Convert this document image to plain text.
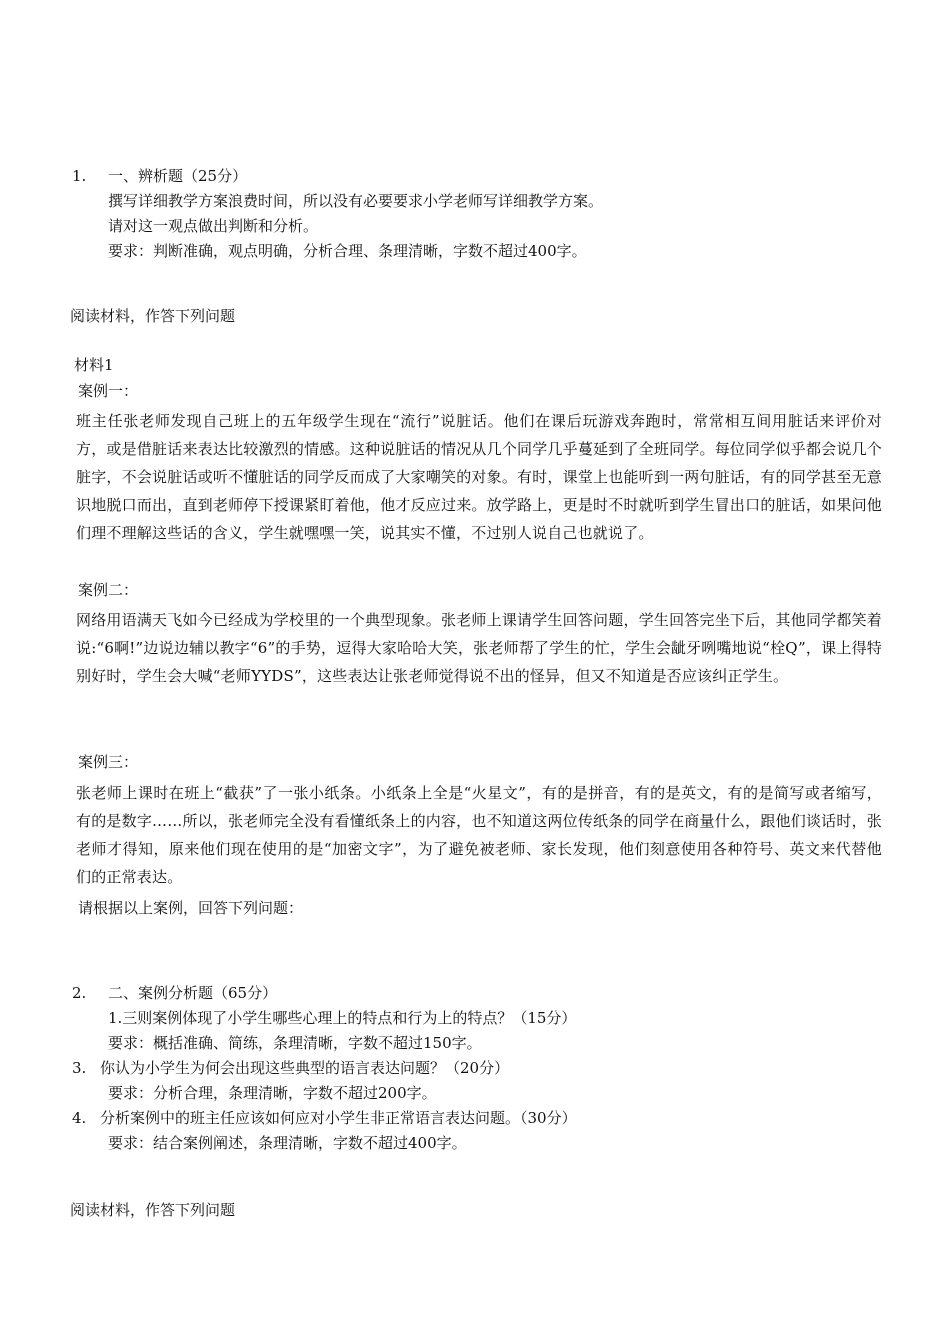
1. 一、辨析题（25分）
撰写详细教学方案浪费时间，所以没有必要要求小学老师写详细教学方案。
请对这一观点做出判断和分析。
要求：判断准确，观点明确，分析合理、条理清晰，字数不超过400字。
阅读材料，作答下列问题
材料1
案例一：
班主任张老师发现自己班上的五年级学生现在“流行”说脏话。他们在课后玩游戏奔跑时，常常相互间用脏话来评价对方，或是借脏话来表达比较激烈的情感。这种说脏话的情况从几个同学几乎蔓延到了全班同学。每位同学似乎都会说几个脏字，不会说脏话或听不懂脏话的同学反而成了大家嘲笑的对象。有时，课堂上也能听到一两句脏话，有的同学甚至无意识地脱口而出，直到老师停下授课紧盯着他，他才反应过来。放学路上，更是时不时就听到学生冒出口的脏话，如果问他们理不理解这些话的含义，学生就嘿嘿一笑，说其实不懂，不过别人说自己也就说了。
案例二：
网络用语满天飞如今已经成为学校里的一个典型现象。张老师上课请学生回答问题，学生回答完坐下后，其他同学都笑着说:“6啊!”边说边辅以教字“6”的手势，逗得大家哈哈大笑，张老师帮了学生的忙，学生会龇牙咧嘴地说“栓Q”，课上得特别好时，学生会大喊“老师YYDS”，这些表达让张老师觉得说不出的怪异，但又不知道是否应该纠正学生。
案例三：
张老师上课时在班上“截获”了一张小纸条。小纸条上全是“火星文”，有的是拼音，有的是英文，有的是简写或者缩写，有的是数字……所以，张老师完全没有看懂纸条上的内容，也不知道这两位传纸条的同学在商量什么，跟他们谈话时，张老师才得知，原来他们现在使用的是“加密文字”，为了避免被老师、家长发现，他们刻意使用各种符号、英文来代替他们的正常表达。
请根据以上案例，回答下列问题：
2. 二、案例分析题（65分）
1.三则案例体现了小学生哪些心理上的特点和行为上的特点？（15分）
要求：概括准确、简练，条理清晰，字数不超过150字。
3. 你认为小学生为何会出现这些典型的语言表达问题？（20分）
要求：分析合理，条理清晰，字数不超过200字。
4. 分析案例中的班主任应该如何应对小学生非正常语言表达问题。（30分）
要求：结合案例阐述，条理清晰，字数不超过400字。
阅读材料，作答下列问题
